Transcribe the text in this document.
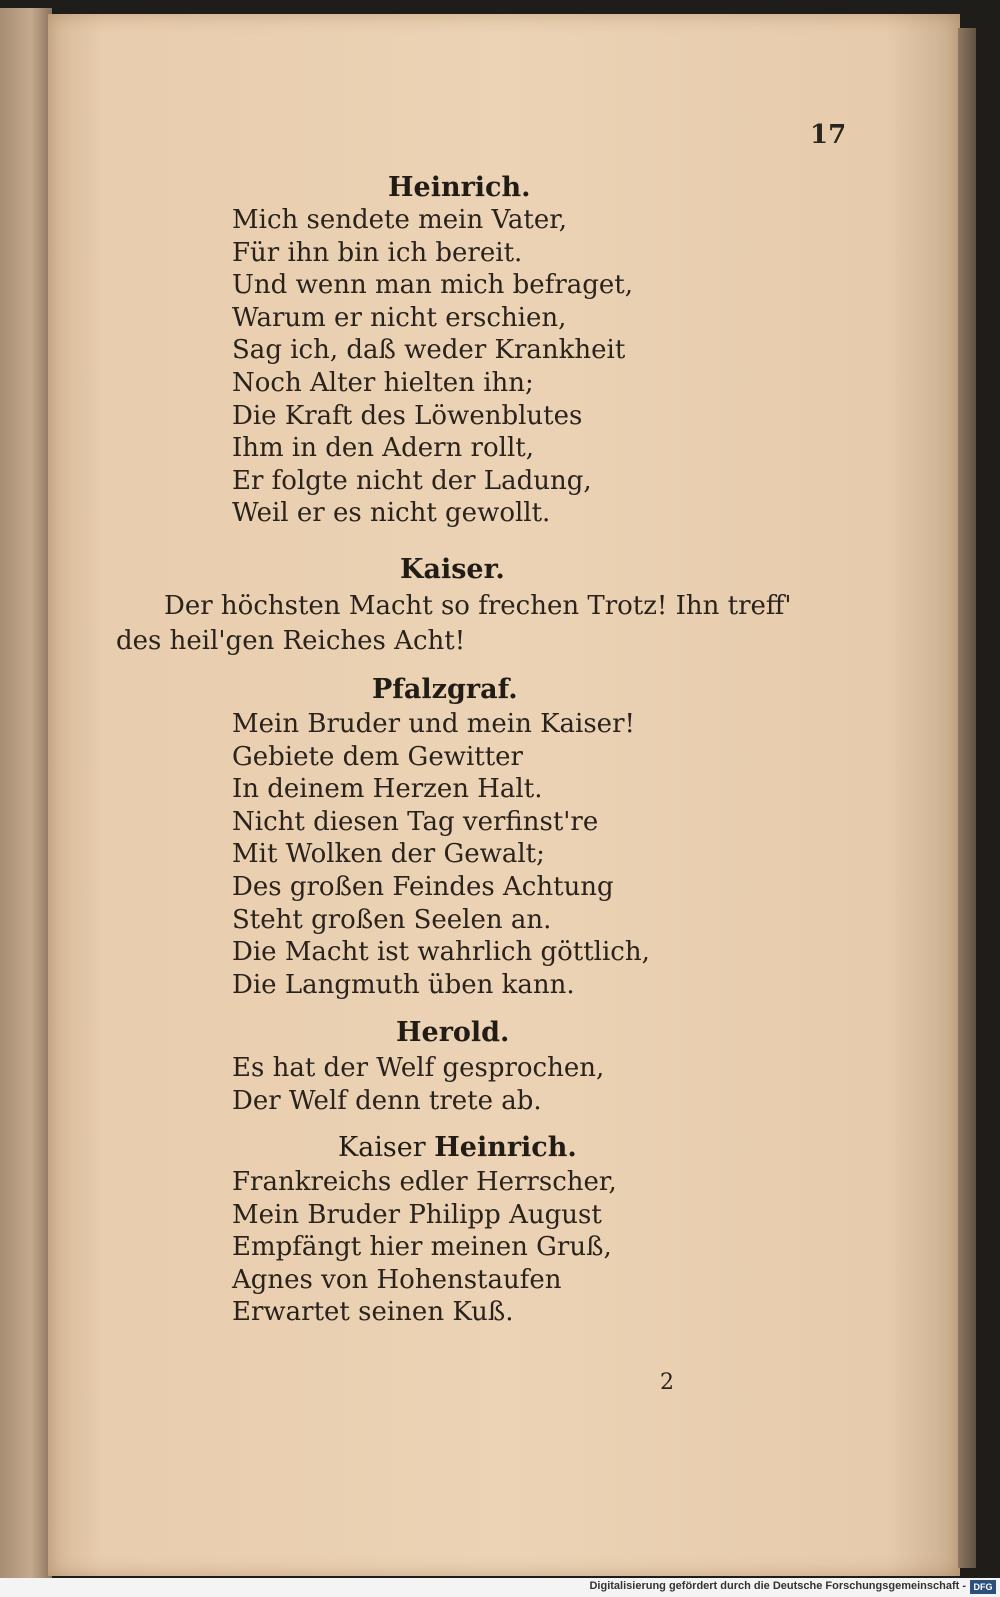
17
Heinrich.
Mich sendete mein Vater,
Für ihn bin ich bereit.
Und wenn man mich befraget,
Warum er nicht erschien,
Sag ich, daß weder Krankheit
Noch Alter hielten ihn;
Die Kraft des Löwenblutes
Ihm in den Adern rollt,
Er folgte nicht der Ladung,
Weil er es nicht gewollt.
Kaiser.
Der höchsten Macht so frechen Trotz! Ihn treff'
des heil'gen Reiches Acht!
Pfalzgraf.
Mein Bruder und mein Kaiser!
Gebiete dem Gewitter
In deinem Herzen Halt.
Nicht diesen Tag verfinst're
Mit Wolken der Gewalt;
Des großen Feindes Achtung
Steht großen Seelen an.
Die Macht ist wahrlich göttlich,
Die Langmuth üben kann.
Herold.
Es hat der Welf gesprochen,
Der Welf denn trete ab.
Kaiser Heinrich.
Frankreichs edler Herrscher,
Mein Bruder Philipp August
Empfängt hier meinen Gruß,
Agnes von Hohenstaufen
Erwartet seinen Kuß.
2
Digitalisierung gefördert durch die Deutsche Forschungsgemeinschaft - DFG
